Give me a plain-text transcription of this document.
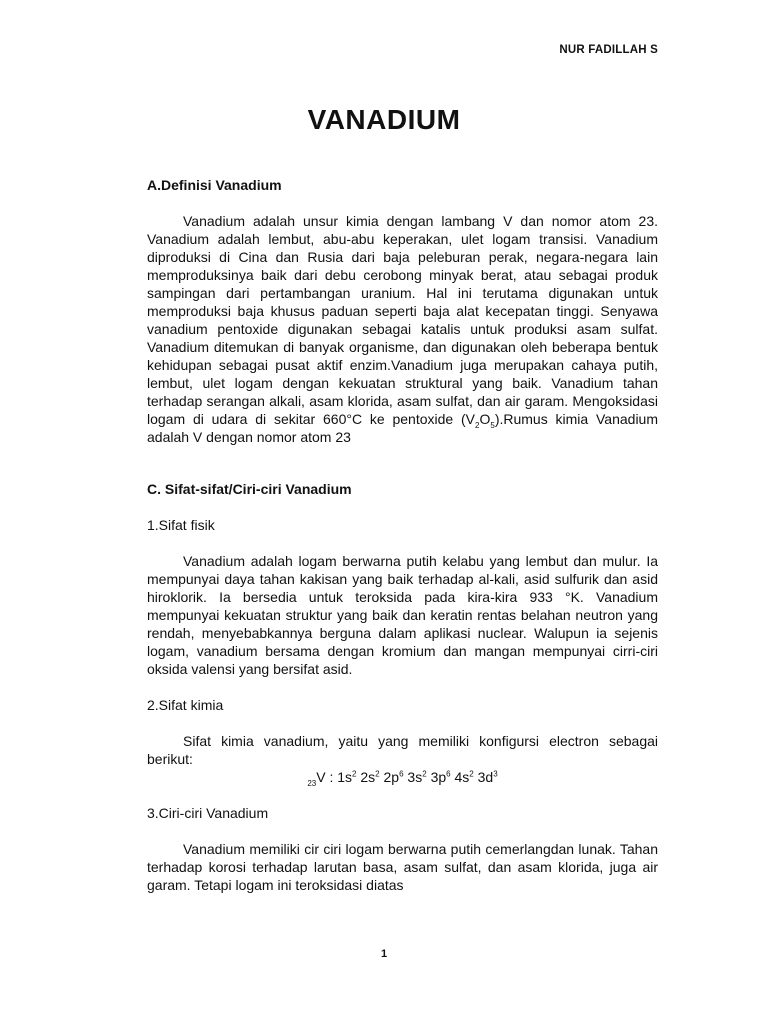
NUR FADILLAH S
VANADIUM

A.Definisi Vanadium

Vanadium adalah unsur kimia dengan lambang V dan nomor atom 23. Vanadium adalah lembut, abu-abu keperakan, ulet logam transisi. Vanadium diproduksi di Cina dan Rusia dari baja peleburan perak, negara-negara lain memproduksinya baik dari debu cerobong minyak berat, atau sebagai produk sampingan dari pertambangan uranium. Hal ini terutama digunakan untuk memproduksi baja khusus paduan seperti baja alat kecepatan tinggi. Senyawa vanadium pentoxide digunakan sebagai katalis untuk produksi asam sulfat. Vanadium ditemukan di banyak organisme, dan digunakan oleh beberapa bentuk kehidupan sebagai pusat aktif enzim.Vanadium juga merupakan cahaya putih, lembut, ulet logam dengan kekuatan struktural yang baik. Vanadium tahan terhadap serangan alkali, asam klorida, asam sulfat, dan air garam. Mengoksidasi logam di udara di sekitar 660°C ke pentoxide $(V_2O_5).Rumus$ kimia Vanadium adalah V dengan nomor atom 23

C. Sifat-sifat/Ciri-ciri Vanadium

1.Sifat fisik

Vanadium adalah logam berwarna putih kelabu yang lembut dan mulur. Ia mempunyai daya tahan kakisan yang baik terhadap al-kali, asid sulfurik dan asid hiroklorik. Ia bersedia untuk teroksida pada kira-kira 933 °K. Vanadium mempunyai kekuatan struktur yang baik dan keratin rentas belahan neutron yang rendah, menyebabkannya berguna dalam aplikasi nuclear. Walupun ia sejenis logam, vanadium bersama dengan kromium dan mangan mempunyai cirri-ciri oksida valensi yang bersifat asid.

2.Sifat kimia

Sifat kimia vanadium, yaitu yang memiliki konfigursi electron sebagai berikut:

$_{23}$V : $1s^2$ $2s^2$ $2p^6$ $3s^2$ $3p^6$ $4s^2$ $3d^3$

3.Ciri-ciri Vanadium

Vanadium memiliki cir ciri logam berwarna putih cemerlangdan lunak. Tahan terhadap korosi terhadap larutan basa, asam sulfat, dan asam klorida, juga air garam. Tetapi logam ini teroksidasi diatas

1
